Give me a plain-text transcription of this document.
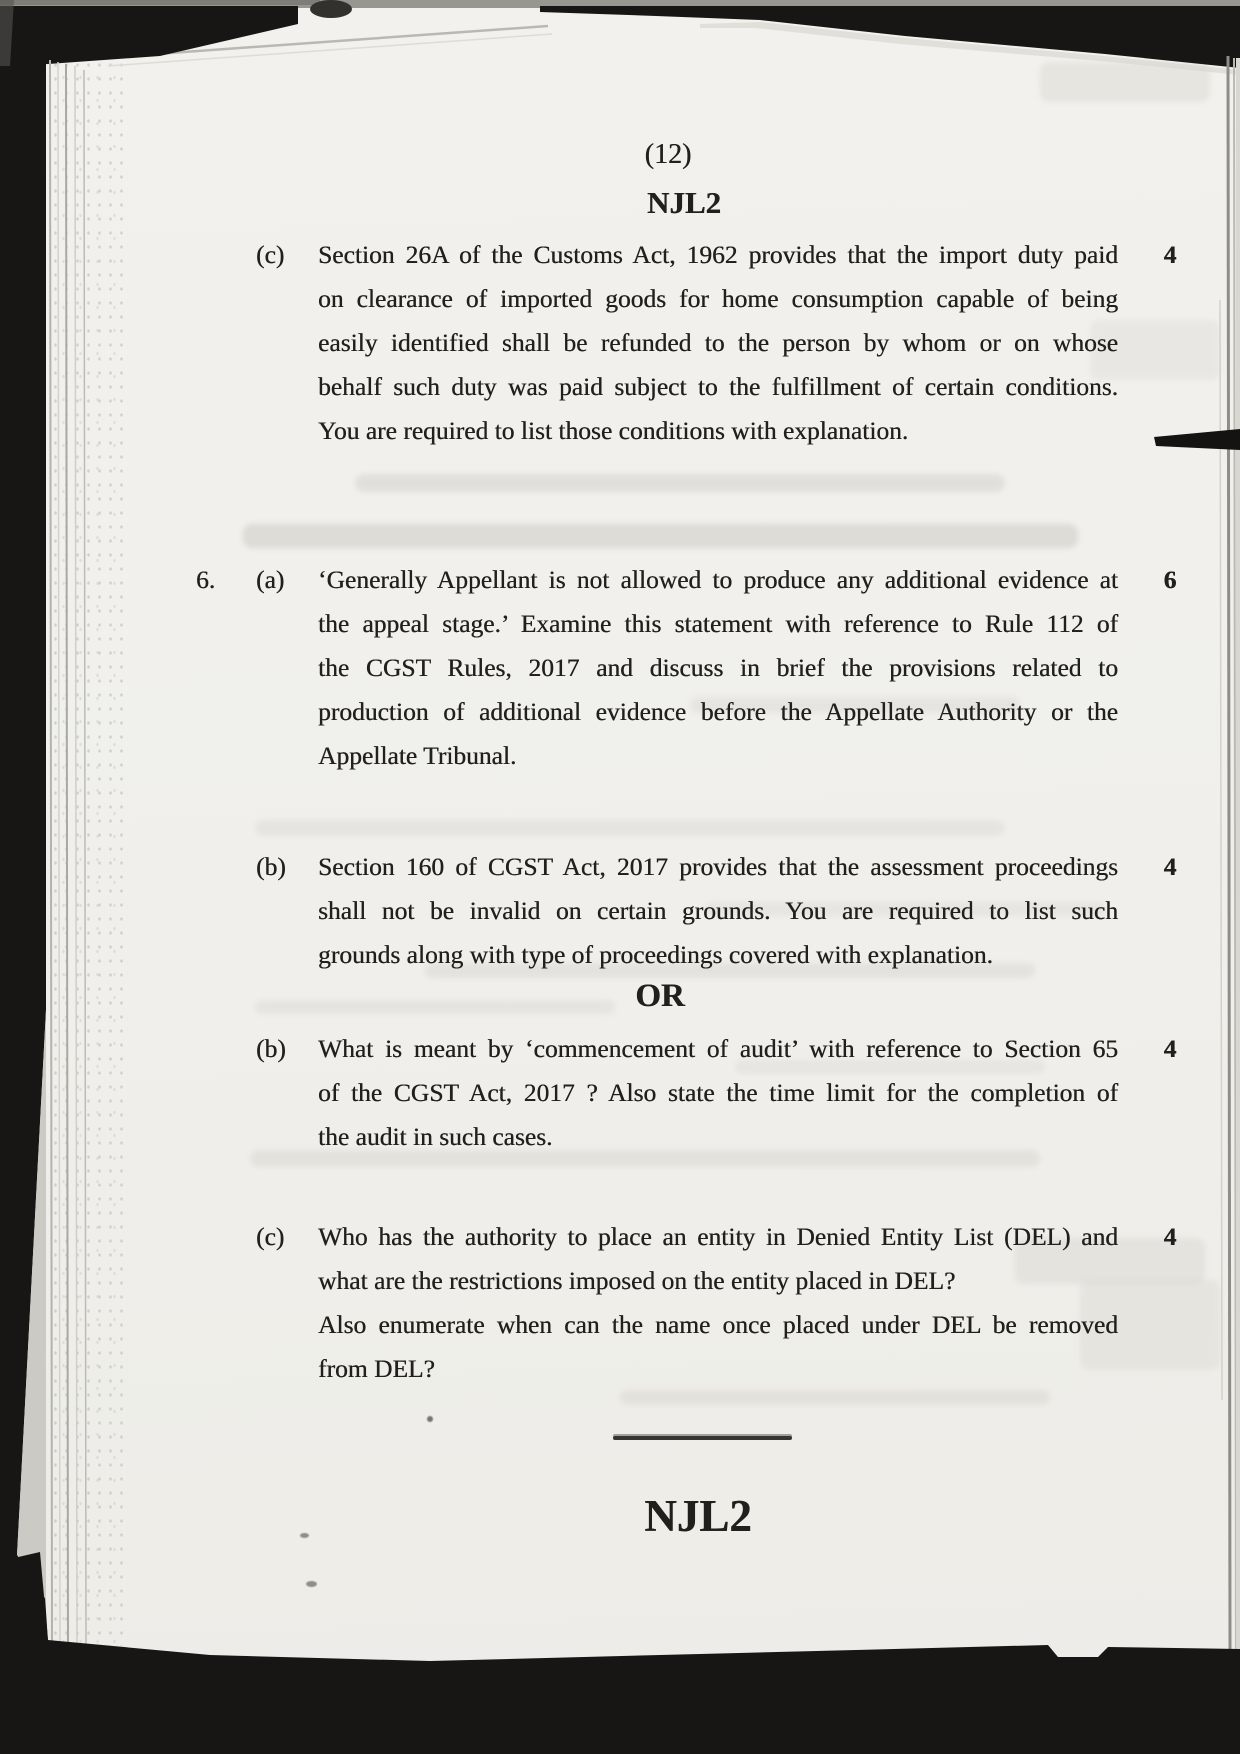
(12)
NJL2
(c)	4
Section 26A of the Customs Act, 1962 provides that the import duty paid
on clearance of imported goods for home consumption capable of being
easily identified shall be refunded to the person by whom or on whose
behalf such duty was paid subject to the fulfillment of certain conditions.
You are required to list those conditions with explanation.
6.	(a)	6
‘Generally Appellant is not allowed to produce any additional evidence at
the appeal stage.’ Examine this statement with reference to Rule 112 of
the CGST Rules, 2017 and discuss in brief the provisions related to
production of additional evidence before the Appellate Authority or the
Appellate Tribunal.
(b)	4
Section 160 of CGST Act, 2017 provides that the assessment proceedings
shall not be invalid on certain grounds. You are required to list such
grounds along with type of proceedings covered with explanation.
OR
(b)	4
What is meant by ‘commencement of audit’ with reference to Section 65
of the CGST Act, 2017 ? Also state the time limit for the completion of
the audit in such cases.
(c)	4
Who has the authority to place an entity in Denied Entity List (DEL) and
what are the restrictions imposed on the entity placed in DEL?
Also enumerate when can the name once placed under DEL be removed
from DEL?
NJL2
